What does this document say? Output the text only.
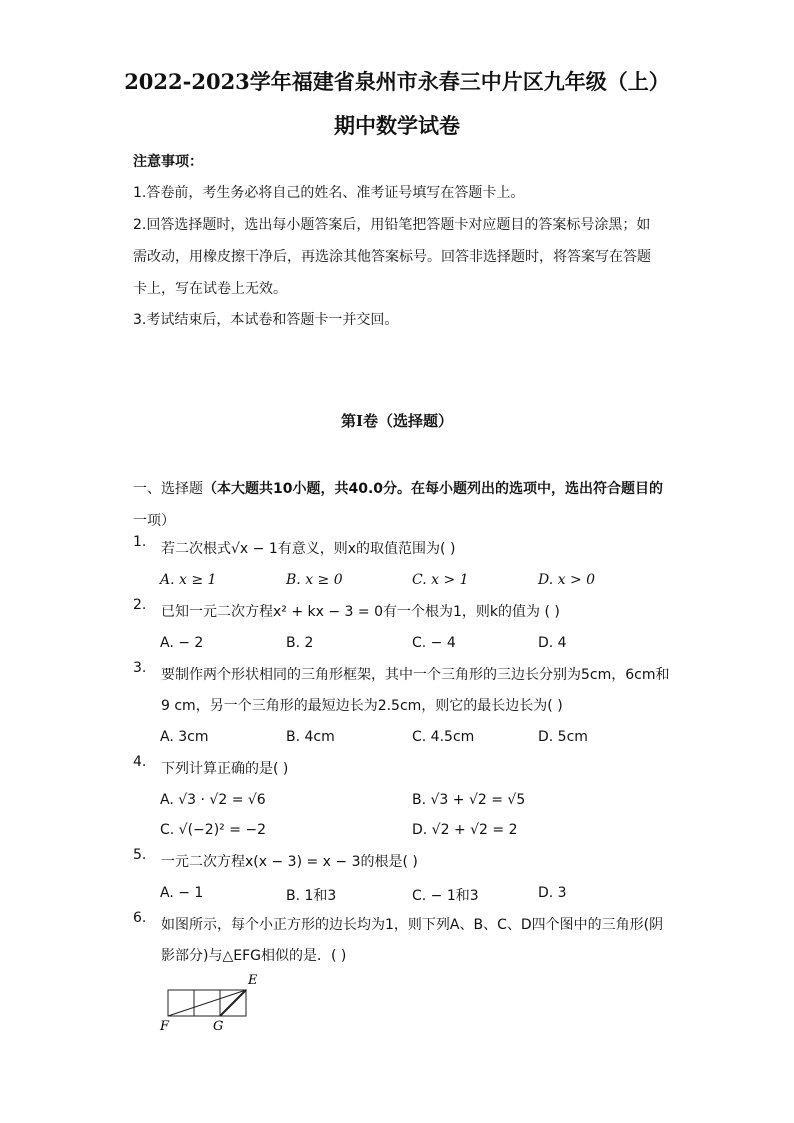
2022-2023学年福建省泉州市永春三中片区九年级（上）
期中数学试卷
注意事项：
1.答卷前，考生务必将自己的姓名、准考证号填写在答题卡上。
2.回答选择题时，选出每小题答案后，用铅笔把答题卡对应题目的答案标号涂黑；如需改动，用橡皮擦干净后，再选涂其他答案标号。回答非选择题时，将答案写在答题卡上，写在试卷上无效。
3.考试结束后，本试卷和答题卡一并交回。
第Ⅰ卷（选择题）
一、选择题（本大题共10小题，共40.0分。在每小题列出的选项中，选出符合题目的
一项）
1.	若二次根式√x − 1有意义，则x的取值范围为( )
A. x ≥ 1	B. x ≥ 0	C. x > 1	D. x > 0
2.	已知一元二次方程x² + kx − 3 = 0有一个根为1，则k的值为 ( )
A. − 2	B. 2	C. − 4	D. 4
3.	要制作两个形状相同的三角形框架，其中一个三角形的三边长分别为5cm，6cm和9 cm，另一个三角形的最短边长为2.5cm，则它的最长边长为( )
A. 3cm	B. 4cm	C. 4.5cm	D. 5cm
4.	下列计算正确的是( )
A. √3 · √2 = √6	B. √3 + √2 = √5
C. √(−2)² = −2	D. √2 + √2 = 2
5.	一元二次方程x(x − 3) = x − 3的根是( )
A. − 1	B. 1和3	C. − 1和3	D. 3
6.	如图所示，每个小正方形的边长均为1，则下列A、B、C、D四个图中的三角形(阴影部分)与△EFG相似的是．( )
E
F	G
